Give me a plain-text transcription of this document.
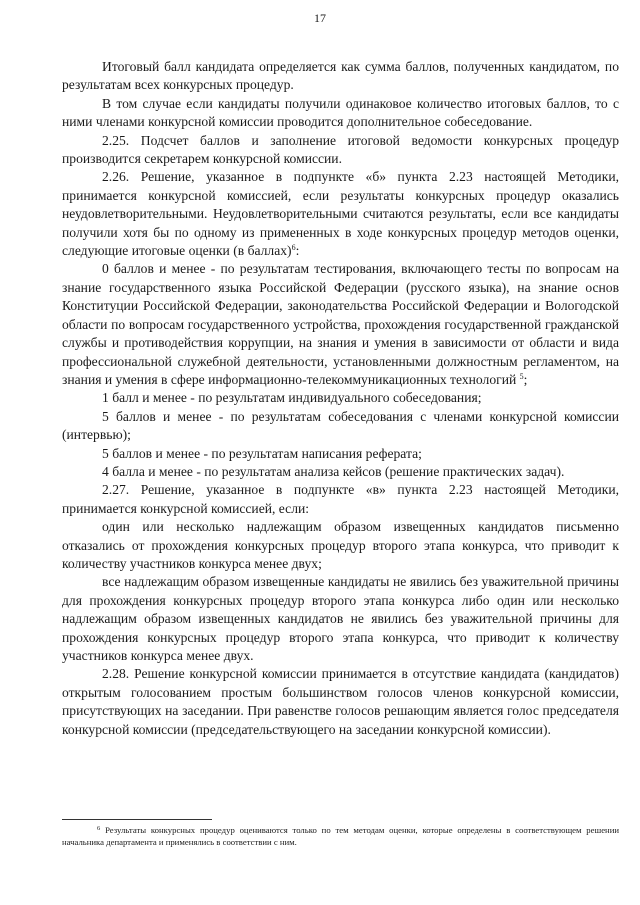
17

Итоговый балл кандидата определяется как сумма баллов, полученных кандидатом, по результатам всех конкурсных процедур.

В том случае если кандидаты получили одинаковое количество итоговых баллов, то с ними членами конкурсной комиссии проводится дополнительное собеседование.

2.25. Подсчет баллов и заполнение итоговой ведомости конкурсных процедур производится секретарем конкурсной комиссии.

2.26. Решение, указанное в подпункте «б» пункта 2.23 настоящей Методики, принимается конкурсной комиссией, если результаты конкурсных процедур оказались неудовлетворительными. Неудовлетворительными считаются результаты, если все кандидаты получили хотя бы по одному из примененных в ходе конкурсных процедур методов оценки, следующие итоговые оценки (в баллах)$^6$:

0 баллов и менее - по результатам тестирования, включающего тесты по вопросам на знание государственного языка Российской Федерации (русского языка), на знание основ Конституции Российской Федерации, законодательства Российской Федерации и Вологодской области по вопросам государственного устройства, прохождения государственной гражданской службы и противодействия коррупции, на знания и умения в зависимости от области и вида профессиональной служебной деятельности, установленными должностным регламентом, на знания и умения в сфере информационно-телекоммуникационных технологий $^5$;

1 балл и менее - по результатам индивидуального собеседования;

5 баллов и менее - по результатам собеседования с членами конкурсной комиссии (интервью);

5 баллов и менее - по результатам написания реферата;

4 балла и менее - по результатам анализа кейсов (решение практических задач).

2.27. Решение, указанное в подпункте «в» пункта 2.23 настоящей Методики, принимается конкурсной комиссией, если:

один или несколько надлежащим образом извещенных кандидатов письменно отказались от прохождения конкурсных процедур второго этапа конкурса, что приводит к количеству участников конкурса менее двух;

все надлежащим образом извещенные кандидаты не явились без уважительной причины для прохождения конкурсных процедур второго этапа конкурса либо один или несколько надлежащим образом извещенных кандидатов не явились без уважительной причины для прохождения конкурсных процедур второго этапа конкурса, что приводит к количеству участников конкурса менее двух.

2.28. Решение конкурсной комиссии принимается в отсутствие кандидата (кандидатов) открытым голосованием простым большинством голосов членов конкурсной комиссии, присутствующих на заседании. При равенстве голосов решающим является голос председателя конкурсной комиссии (председательствующего на заседании конкурсной комиссии).

$^6$ Результаты конкурсных процедур оцениваются только по тем методам оценки, которые определены в соответствующем решении начальника департамента и применялись в соответствии с ним.
